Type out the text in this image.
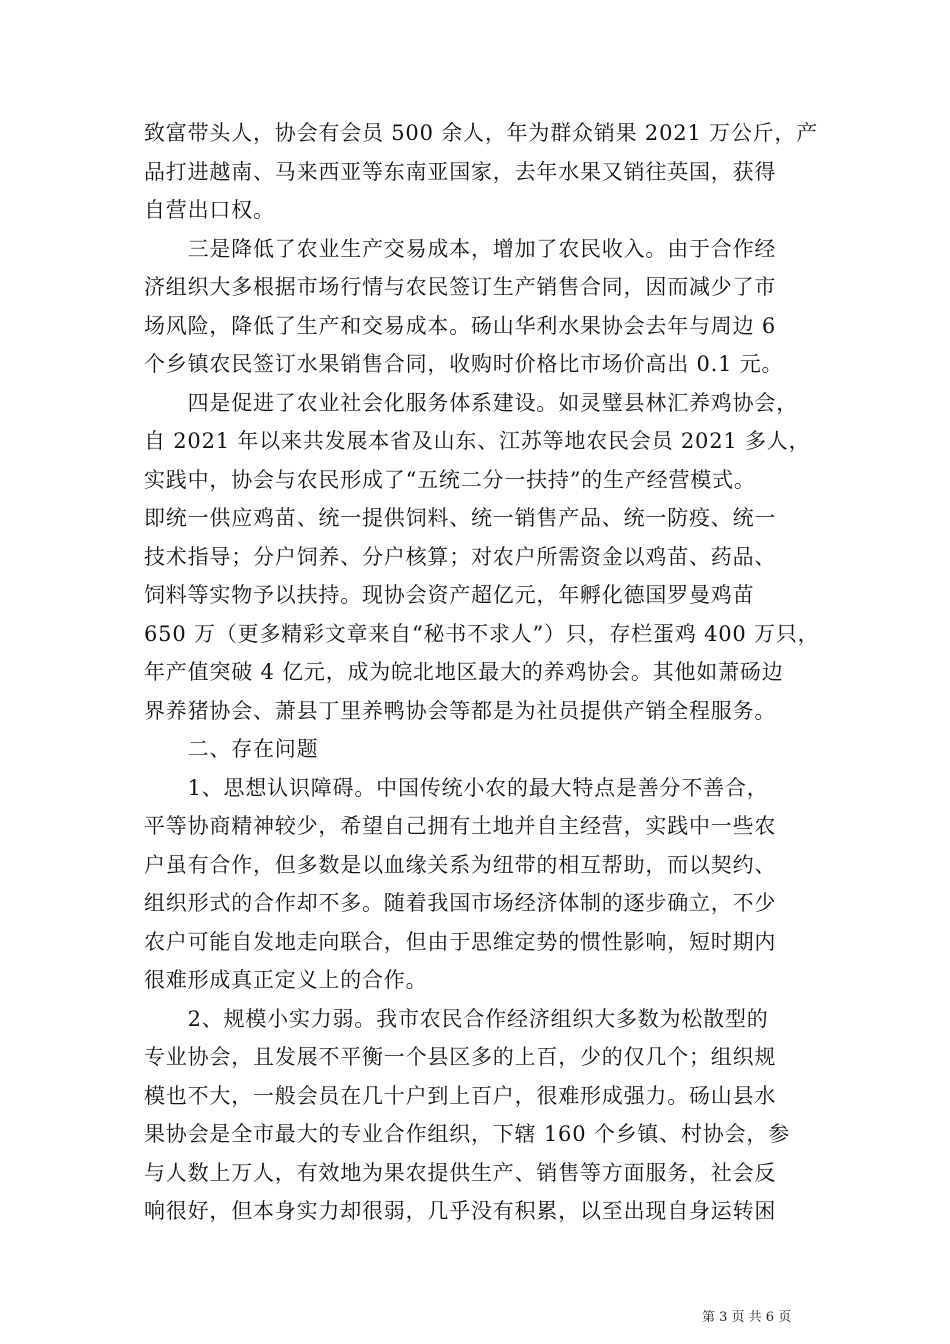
致富带头人，协会有会员 500 余人，年为群众销果 2021 万公斤，产
品打进越南、马来西亚等东南亚国家，去年水果又销往英国，获得
自营出口权。
　　三是降低了农业生产交易成本，增加了农民收入。由于合作经
济组织大多根据市场行情与农民签订生产销售合同，因而减少了市
场风险，降低了生产和交易成本。砀山华利水果协会去年与周边 6
个乡镇农民签订水果销售合同，收购时价格比市场价高出 0.1 元。
　　四是促进了农业社会化服务体系建设。如灵璧县林汇养鸡协会，
自 2021 年以来共发展本省及山东、江苏等地农民会员 2021 多人，
实践中，协会与农民形成了“五统二分一扶持”的生产经营模式。
即统一供应鸡苗、统一提供饲料、统一销售产品、统一防疫、统一
技术指导；分户饲养、分户核算；对农户所需资金以鸡苗、药品、
饲料等实物予以扶持。现协会资产超亿元，年孵化德国罗曼鸡苗
650 万（更多精彩文章来自“秘书不求人”）只，存栏蛋鸡 400 万只，
年产值突破 4 亿元，成为皖北地区最大的养鸡协会。其他如萧砀边
界养猪协会、萧县丁里养鸭协会等都是为社员提供产销全程服务。
　　二、存在问题
　　1、思想认识障碍。中国传统小农的最大特点是善分不善合，
平等协商精神较少，希望自己拥有土地并自主经营，实践中一些农
户虽有合作，但多数是以血缘关系为纽带的相互帮助，而以契约、
组织形式的合作却不多。随着我国市场经济体制的逐步确立，不少
农户可能自发地走向联合，但由于思维定势的惯性影响，短时期内
很难形成真正定义上的合作。
　　2、规模小实力弱。我市农民合作经济组织大多数为松散型的
专业协会，且发展不平衡一个县区多的上百，少的仅几个；组织规
模也不大，一般会员在几十户到上百户，很难形成强力。砀山县水
果协会是全市最大的专业合作组织，下辖 160 个乡镇、村协会，参
与人数上万人，有效地为果农提供生产、销售等方面服务，社会反
响很好，但本身实力却很弱，几乎没有积累，以至出现自身运转困
第 3 页 共 6 页
